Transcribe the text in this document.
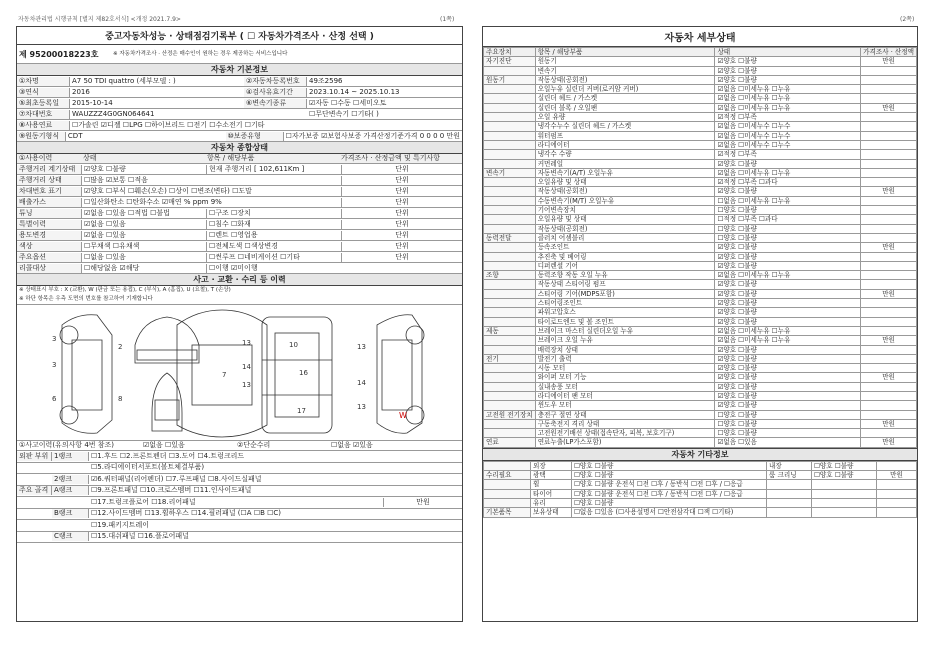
자동차관리법 시행규칙 [별지 제82호서식] <개정 2021.7.9>	(1쪽)	(2쪽)
중고자동차성능 · 상태점검기록부 ( ☐ 자동차가격조사 · 산정 선택 )
제 95200018223호	※ 자동차가격조사 · 산정은 매수인이 원하는 경우 제공하는 서비스입니다
자동차 기본정보
①차명	A7 50 TDI quattro (세부모델 : )	②자동차등록번호	49조2596
③연식	2016	④검사유효기간	2023.10.14 ~ 2025.10.13
⑤최초등록일	2015-10-14	⑥변속기종류	☑자동 ☐수동 ☐세미오토
⑦차대번호	WAUZZZ4G0GN064641	☐무단변속기 ☐기타( )
⑧사용연료	☐가솔린 ☑디젤 ☐LPG ☐하이브리드 ☐전기 ☐수소전기 ☐기타
⑨원동기형식	CDT	⑩보증유형	☐자가보증 ☑보험사보증 가격산정기준가격 0 0 0 0 만원
자동차 종합상태
①사용이력	상태	항목 / 해당부품	가격조사 · 산정금액 및 특기사항
주행거리 계기상태	☑양호 ☐불량	현재 주행거리 [ 102,611Km ]	단위
주행거리 상태	☐많음 ☑보통 ☐적음	단위
차대번호 표기	☑양호 ☐부식 ☐훼손(오손) ☐상이 ☐변조(변타) ☐도말	단위
배출가스	☐일산화탄소 ☐탄화수소 ☑매연 % ppm 9%	단위
튜닝	☑없음 ☐있음 ☐적법 ☐불법	☐구조 ☐장치	단위
특별이력	☑없음 ☐있음	☐침수 ☐화재	단위
용도변경	☑없음 ☐있음	☐렌트 ☐영업용	단위
색상	☐무채색 ☐유채색	☐전체도색 ☐색상변경	단위
주요옵션	☐없음 ☐있음	☐썬루프 ☐네비게이션 ☐기타	단위
리콜대상	☐해당없음 ☑해당	☐이행 ☑미이행
사고 · 교환 · 수리 등 이력
※ 상태표시 부호 : X (교환), W (판금 또는 용접), C (부식), A (흠집), U (요철), T (손상)
※ 하단 항목은 우측 도면의 번호를 참고하여 기재합니다
3
3
6
2
8
13
14
13
10
16
17
13
14
13
7
W
①사고이력(유의사항 4번 참조)	☑없음 ☐있음	②단순수리	☐없음 ☑있음
외판 부위 1랭크	☐1.후드 ☐2.프론트펜더 ☐3.도어 ☐4.트렁크리드
☐5.라디에이터서포트(볼트체결부품)
2랭크	☑6.쿼터패널(리어펜더) ☐7.루프패널 ☐8.사이드실패널
주요 골격 A랭크	☐9.프론트패널 ☐10.크로스멤버 ☐11.인사이드패널
☐17.트렁크플로어 ☐18.리어패널	만원
B랭크	☐12.사이드멤버 ☐13.휠하우스 ☐14.필러패널 (☐A ☐B ☐C)
☐19.패키지트레이
C랭크	☐15.대쉬패널 ☐16.플로어패널
자동차 세부상태
주요장치	항목 / 해당부품	상태	가격조사 · 산정액
자기진단	원동기	☑양호 ☐불량	만원
	변속기	☑양호 ☐불량	
원동기	작동상태(공회전)	☑양호 ☐불량	
	오일누유 실린더 커버(로커암 커버)	☑없음 ☐미세누유 ☐누유	
	실린더 헤드 / 가스켓	☑없음 ☐미세누유 ☐누유	
	실린더 블록 / 오일팬	☑없음 ☐미세누유 ☐누유	만원
	오일 유량	☑적정 ☐부족	
	냉각수누수 실린더 헤드 / 가스켓	☑없음 ☐미세누수 ☐누수	
	워터펌프	☑없음 ☐미세누수 ☐누수	
	라디에이터	☑없음 ☐미세누수 ☐누수	
	냉각수 수량	☑적정 ☐부족	
	커먼레일	☑양호 ☐불량	
변속기	자동변속기(A/T) 오일누유	☑없음 ☐미세누유 ☐누유	
	오일유량 및 상태	☑적정 ☐부족 ☐과다	
	작동상태(공회전)	☑양호 ☐불량	만원
	수동변속기(M/T) 오일누유	☐없음 ☐미세누유 ☐누유	
	기어변속장치	☐양호 ☐불량	
	오일유량 및 상태	☐적정 ☐부족 ☐과다	
	작동상태(공회전)	☐양호 ☐불량	
동력전달	클러치 어셈블리	☐양호 ☐불량	
	등속조인트	☑양호 ☐불량	만원
	추진축 및 베어링	☑양호 ☐불량	
	디퍼렌셜 기어	☑양호 ☐불량	
조향	동력조향 작동 오일 누유	☑없음 ☐미세누유 ☐누유	
	작동상태 스티어링 펌프	☑양호 ☐불량	
	스티어링 기어(MDPS포함)	☑양호 ☐불량	만원
	스티어링조인트	☑양호 ☐불량	
	파워고압호스	☑양호 ☐불량	
	타이로드엔드 및 볼 조인트	☑양호 ☐불량	
제동	브레이크 마스터 실린더오일 누유	☑없음 ☐미세누유 ☐누유	
	브레이크 오일 누유	☑없음 ☐미세누유 ☐누유	만원
	배력장치 상태	☑양호 ☐불량	
전기	발전기 출력	☑양호 ☐불량	
	시동 모터	☑양호 ☐불량	
	와이퍼 모터 기능	☑양호 ☐불량	만원
	실내송풍 모터	☑양호 ☐불량	
	라디에이터 팬 모터	☑양호 ☐불량	
	윈도우 모터	☑양호 ☐불량	
고전원 전기장치	충전구 절연 상태	☐양호 ☐불량	
	구동축전지 격리 상태	☐양호 ☐불량	만원
	고전원전기배선 상태(접속단자, 피복, 보호기구)	☐양호 ☐불량	
연료	연료누출(LP가스포함)	☑없음 ☐있음	만원
자동차 기타정보
	외장	☐양호 ☐불량	내장	☐양호 ☐불량	
수리필요	광택	☐양호 ☐불량	룸 크리닝	☐양호 ☐불량	만원
	휠	☐양호 ☐불량 운전석 ☐전 ☐후 / 동반석 ☐전 ☐후 / ☐응급			
	타이어	☐양호 ☐불량 운전석 ☐전 ☐후 / 동반석 ☐전 ☐후 / ☐응급			
	유리	☐양호 ☐불량			
기본품목	보유상태	☐없음 ☐있음 (☐사용설명서 ☐안전삼각대 ☐잭 ☐기타)			
